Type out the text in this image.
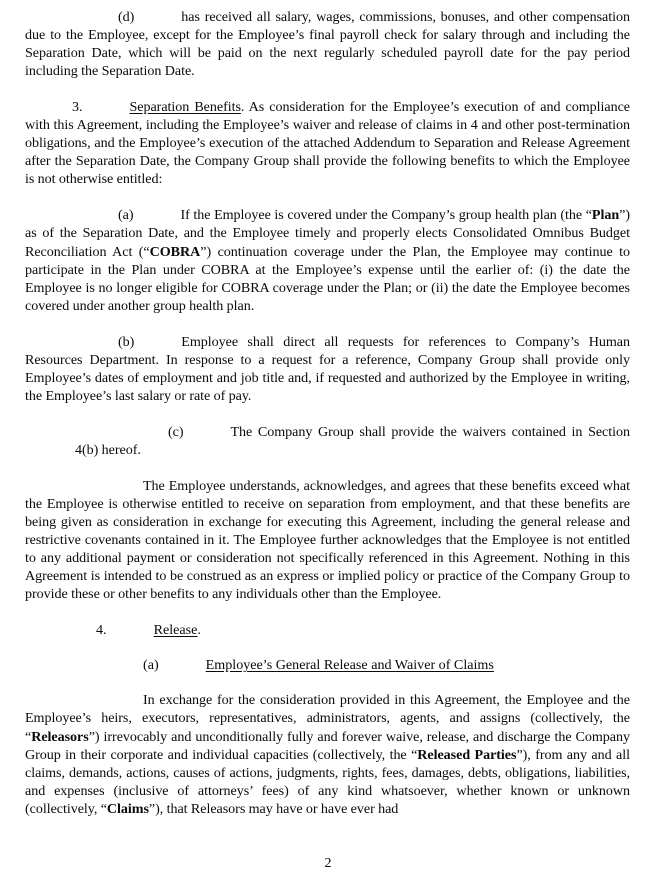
(d)	has received all salary, wages, commissions, bonuses, and other compensation due to the Employee, except for the Employee’s final payroll check for salary through and including the Separation Date, which will be paid on the next regularly scheduled payroll date for the pay period including the Separation Date.

3.	Separation Benefits. As consideration for the Employee’s execution of and compliance with this Agreement, including the Employee’s waiver and release of claims in 4 and other post-termination obligations, and the Employee’s execution of the attached Addendum to Separation and Release Agreement after the Separation Date, the Company Group shall provide the following benefits to which the Employee is not otherwise entitled:

(a)	If the Employee is covered under the Company’s group health plan (the “Plan”) as of the Separation Date, and the Employee timely and properly elects Consolidated Omnibus Budget Reconciliation Act (“COBRA”) continuation coverage under the Plan, the Employee may continue to participate in the Plan under COBRA at the Employee’s expense until the earlier of: (i) the date the Employee is no longer eligible for COBRA coverage under the Plan; or (ii) the date the Employee becomes covered under another group health plan.

(b)	Employee shall direct all requests for references to Company’s Human Resources Department. In response to a request for a reference, Company Group shall provide only Employee’s dates of employment and job title and, if requested and authorized by the Employee in writing, the Employee’s last salary or rate of pay.

(c)	The Company Group shall provide the waivers contained in Section 4(b) hereof.

The Employee understands, acknowledges, and agrees that these benefits exceed what the Employee is otherwise entitled to receive on separation from employment, and that these benefits are being given as consideration in exchange for executing this Agreement, including the general release and restrictive covenants contained in it. The Employee further acknowledges that the Employee is not entitled to any additional payment or consideration not specifically referenced in this Agreement. Nothing in this Agreement is intended to be construed as an express or implied policy or practice of the Company Group to provide these or other benefits to any individuals other than the Employee.

4.	Release.

(a)	Employee’s General Release and Waiver of Claims

In exchange for the consideration provided in this Agreement, the Employee and the Employee’s heirs, executors, representatives, administrators, agents, and assigns (collectively, the “Releasors”) irrevocably and unconditionally fully and forever waive, release, and discharge the Company Group in their corporate and individual capacities (collectively, the “Released Parties”), from any and all claims, demands, actions, causes of actions, judgments, rights, fees, damages, debts, obligations, liabilities, and expenses (inclusive of attorneys’ fees) of any kind whatsoever, whether known or unknown (collectively, “Claims”), that Releasors may have or have ever had

2
